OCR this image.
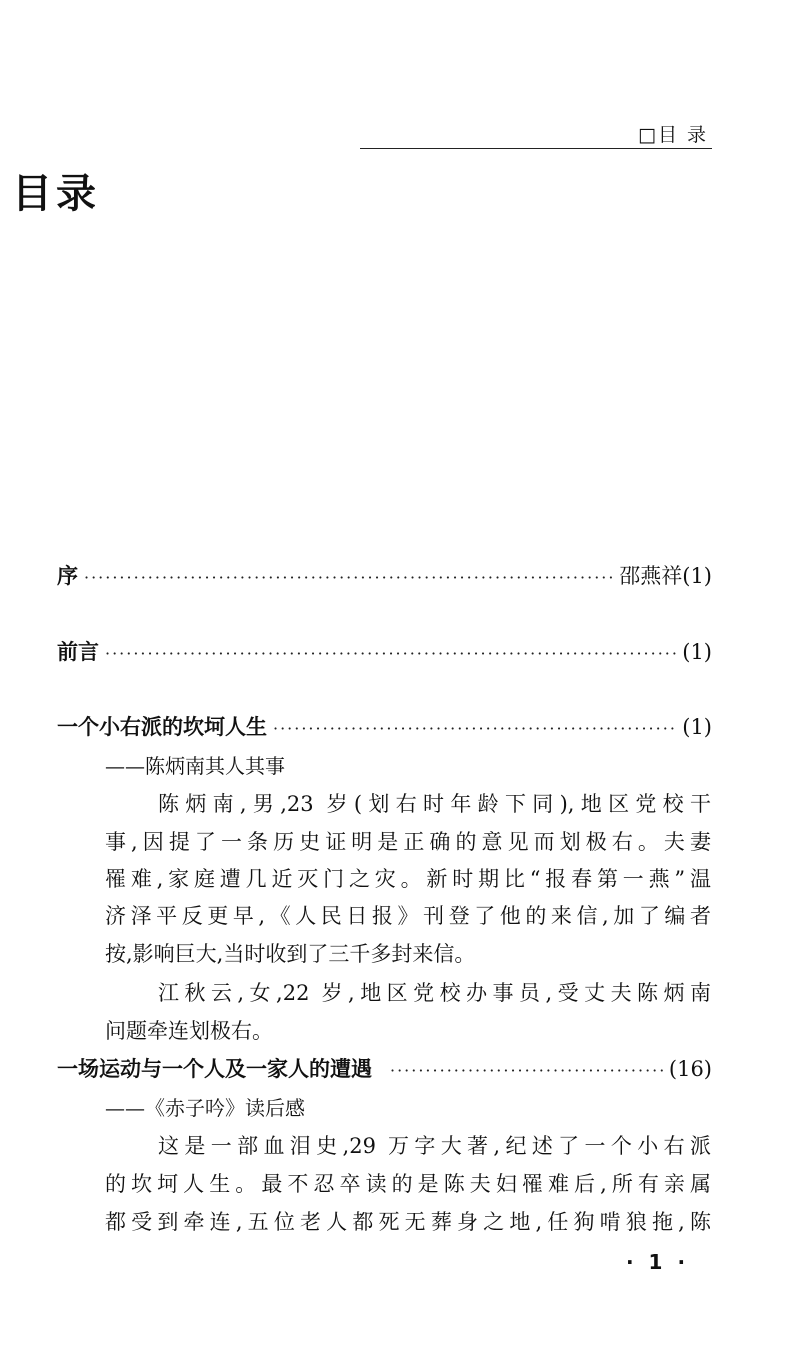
□目 录
目录
序 ·····	邵燕祥(1)
前言 ·····	(1)
一个小右派的坎坷人生 ·····	(1)
——陈炳南其人其事
陈炳南,男,23 岁(划右时年龄下同),地区党校干
事,因提了一条历史证明是正确的意见而划极右。夫妻
罹难,家庭遭几近灭门之灾。新时期比“报春第一燕”温
济泽平反更早,《人民日报》刊登了他的来信,加了编者
按,影响巨大,当时收到了三千多封来信。
江秋云,女,22 岁,地区党校办事员,受丈夫陈炳南
问题牵连划极右。
一场运动与一个人及一家人的遭遇 ·····	(16)
——《赤子吟》读后感
这是一部血泪史,29 万字大著,纪述了一个小右派
的坎坷人生。最不忍卒读的是陈夫妇罹难后,所有亲属
都受到牵连,五位老人都死无葬身之地,任狗啃狼拖,陈
· 1 ·
